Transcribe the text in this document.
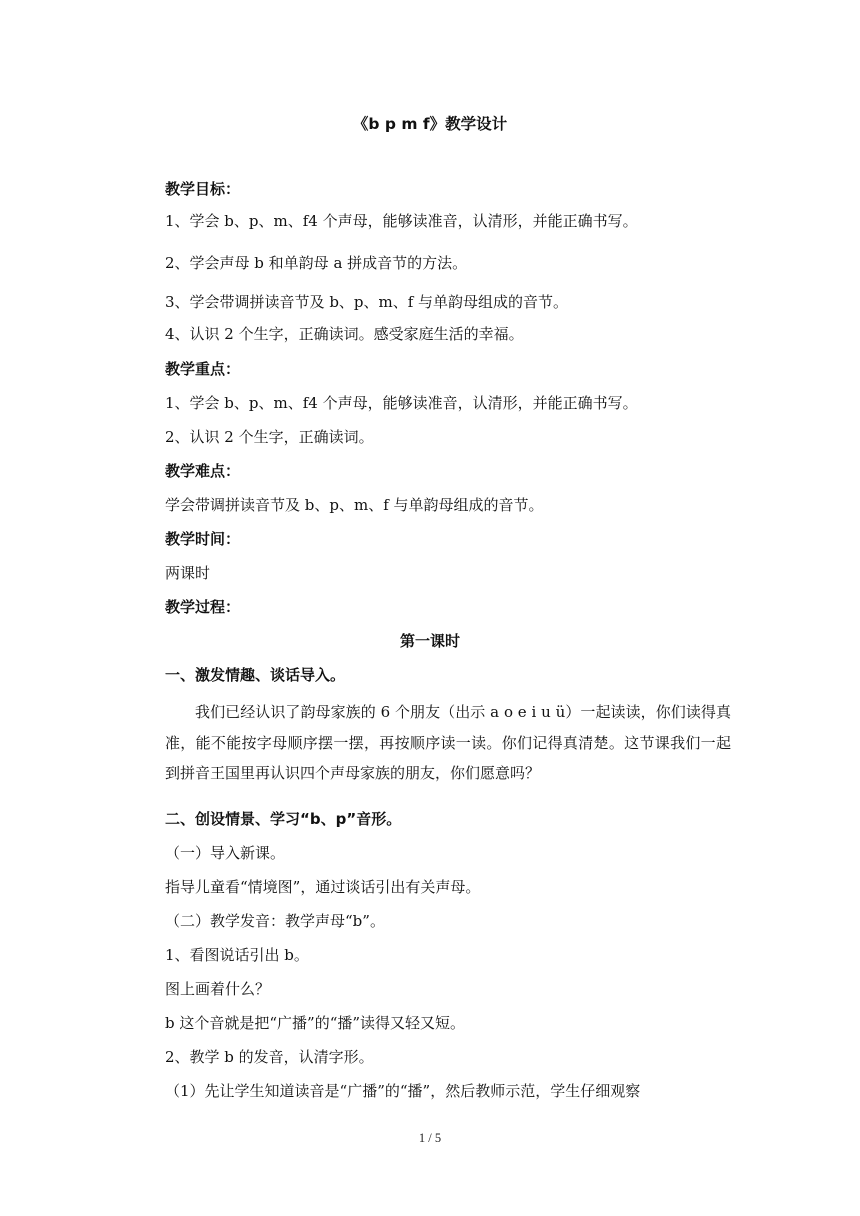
《b p m f》教学设计
教学目标：
1、学会 b、p、m、f4 个声母，能够读准音，认清形，并能正确书写。
2、学会声母 b 和单韵母 a 拼成音节的方法。
3、学会带调拼读音节及 b、p、m、f 与单韵母组成的音节。
4、认识 2 个生字，正确读词。感受家庭生活的幸福。
教学重点：
1、学会 b、p、m、f4 个声母，能够读准音，认清形，并能正确书写。
2、认识 2 个生字，正确读词。
教学难点：
学会带调拼读音节及 b、p、m、f 与单韵母组成的音节。
教学时间：
两课时
教学过程：
第一课时
一、激发情趣、谈话导入。
我们已经认识了韵母家族的 6 个朋友（出示 a o e i u ü）一起读读，你们读得真准，能不能按字母顺序摆一摆，再按顺序读一读。你们记得真清楚。这节课我们一起到拼音王国里再认识四个声母家族的朋友，你们愿意吗？
二、创设情景、学习“b、p”音形。
（一）导入新课。
指导儿童看“情境图”，通过谈话引出有关声母。
（二）教学发音：教学声母“b”。
1、看图说话引出 b。
图上画着什么？
b 这个音就是把“广播”的“播”读得又轻又短。
2、教学 b 的发音，认清字形。
（1）先让学生知道读音是“广播”的“播”，然后教师示范，学生仔细观察
1 / 5
